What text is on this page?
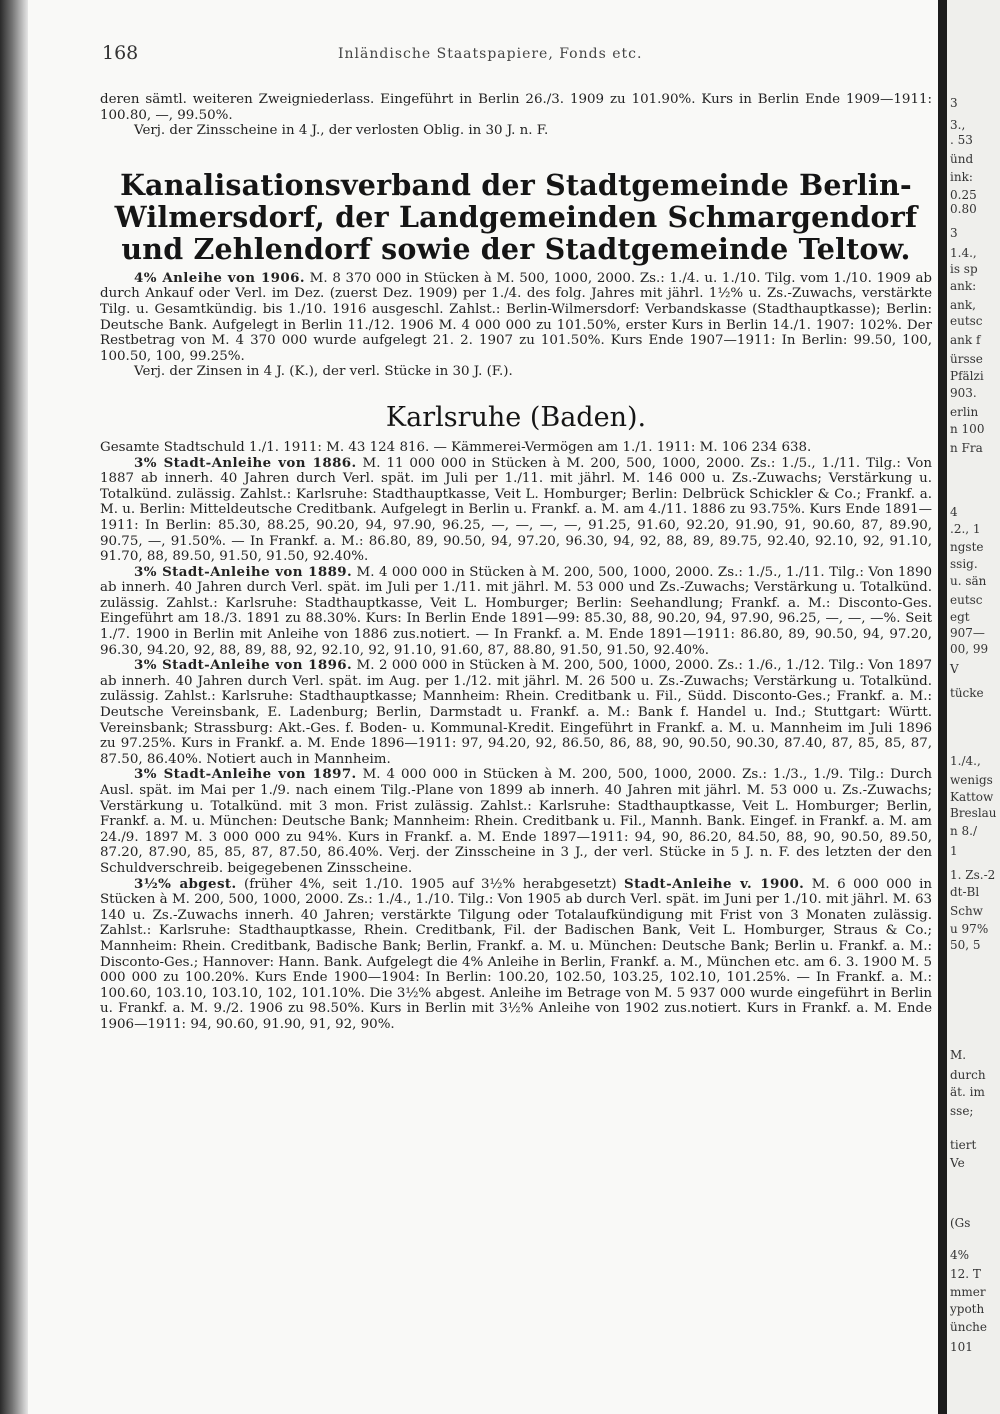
168	Inländische Staatspapiere, Fonds etc.

deren sämtl. weiteren Zweigniederlass. Eingeführt in Berlin 26./3. 1909 zu 101.90%. Kurs in Berlin Ende 1909—1911: 100.80, —, 99.50%.

Verj. der Zinsscheine in 4 J., der verlosten Oblig. in 30 J. n. F.

Kanalisationsverband der Stadtgemeinde Berlin-Wilmersdorf, der Landgemeinden Schmargendorf und Zehlendorf sowie der Stadtgemeinde Teltow.

4% Anleihe von 1906. M. 8 370 000 in Stücken à M. 500, 1000, 2000. Zs.: 1./4. u. 1./10. Tilg. vom 1./10. 1909 ab durch Ankauf oder Verl. im Dez. (zuerst Dez. 1909) per 1./4. des folg. Jahres mit jährl. 1½% u. Zs.-Zuwachs, verstärkte Tilg. u. Gesamtkündig. bis 1./10. 1916 ausgeschl. Zahlst.: Berlin-Wilmersdorf: Verbandskasse (Stadthauptkasse); Berlin: Deutsche Bank. Aufgelegt in Berlin 11./12. 1906 M. 4 000 000 zu 101.50%, erster Kurs in Berlin 14./1. 1907: 102%. Der Restbetrag von M. 4 370 000 wurde aufgelegt 21. 2. 1907 zu 101.50%. Kurs Ende 1907—1911: In Berlin: 99.50, 100, 100.50, 100, 99.25%.

Verj. der Zinsen in 4 J. (K.), der verl. Stücke in 30 J. (F.).

Karlsruhe (Baden).

Gesamte Stadtschuld 1./1. 1911: M. 43 124 816. — Kämmerei-Vermögen am 1./1. 1911: M. 106 234 638.

3% Stadt-Anleihe von 1886. M. 11 000 000 in Stücken à M. 200, 500, 1000, 2000. Zs.: 1./5., 1./11. Tilg.: Von 1887 ab innerh. 40 Jahren durch Verl. spät. im Juli per 1./11. mit jährl. M. 146 000 u. Zs.-Zuwachs; Verstärkung u. Totalkünd. zulässig. Zahlst.: Karlsruhe: Stadthauptkasse, Veit L. Homburger; Berlin: Delbrück Schickler & Co.; Frankf. a. M. u. Berlin: Mitteldeutsche Creditbank. Aufgelegt in Berlin u. Frankf. a. M. am 4./11. 1886 zu 93.75%. Kurs Ende 1891—1911: In Berlin: 85.30, 88.25, 90.20, 94, 97.90, 96.25, —, —, —, —, 91.25, 91.60, 92.20, 91.90, 91, 90.60, 87, 89.90, 90.75, —, 91.50%. — In Frankf. a. M.: 86.80, 89, 90.50, 94, 97.20, 96.30, 94, 92, 88, 89, 89.75, 92.40, 92.10, 92, 91.10, 91.70, 88, 89.50, 91.50, 91.50, 92.40%.

3% Stadt-Anleihe von 1889. M. 4 000 000 in Stücken à M. 200, 500, 1000, 2000. Zs.: 1./5., 1./11. Tilg.: Von 1890 ab innerh. 40 Jahren durch Verl. spät. im Juli per 1./11. mit jährl. M. 53 000 und Zs.-Zuwachs; Verstärkung u. Totalkünd. zulässig. Zahlst.: Karlsruhe: Stadthauptkasse, Veit L. Homburger; Berlin: Seehandlung; Frankf. a. M.: Disconto-Ges. Eingeführt am 18./3. 1891 zu 88.30%. Kurs: In Berlin Ende 1891—99: 85.30, 88, 90.20, 94, 97.90, 96.25, —, —, —%. Seit 1./7. 1900 in Berlin mit Anleihe von 1886 zus.notiert. — In Frankf. a. M. Ende 1891—1911: 86.80, 89, 90.50, 94, 97.20, 96.30, 94.20, 92, 88, 89, 88, 92, 92.10, 92, 91.10, 91.60, 87, 88.80, 91.50, 91.50, 92.40%.

3% Stadt-Anleihe von 1896. M. 2 000 000 in Stücken à M. 200, 500, 1000, 2000. Zs.: 1./6., 1./12. Tilg.: Von 1897 ab innerh. 40 Jahren durch Verl. spät. im Aug. per 1./12. mit jährl. M. 26 500 u. Zs.-Zuwachs; Verstärkung u. Totalkünd. zulässig. Zahlst.: Karlsruhe: Stadthauptkasse; Mannheim: Rhein. Creditbank u. Fil., Südd. Disconto-Ges.; Frankf. a. M.: Deutsche Vereinsbank, E. Ladenburg; Berlin, Darmstadt u. Frankf. a. M.: Bank f. Handel u. Ind.; Stuttgart: Württ. Vereinsbank; Strassburg: Akt.-Ges. f. Boden- u. Kommunal-Kredit. Eingeführt in Frankf. a. M. u. Mannheim im Juli 1896 zu 97.25%. Kurs in Frankf. a. M. Ende 1896—1911: 97, 94.20, 92, 86.50, 86, 88, 90, 90.50, 90.30, 87.40, 87, 85, 85, 87, 87.50, 86.40%. Notiert auch in Mannheim.

3% Stadt-Anleihe von 1897. M. 4 000 000 in Stücken à M. 200, 500, 1000, 2000. Zs.: 1./3., 1./9. Tilg.: Durch Ausl. spät. im Mai per 1./9. nach einem Tilg.-Plane von 1899 ab innerh. 40 Jahren mit jährl. M. 53 000 u. Zs.-Zuwachs; Verstärkung u. Totalkünd. mit 3 mon. Frist zulässig. Zahlst.: Karlsruhe: Stadthauptkasse, Veit L. Homburger; Berlin, Frankf. a. M. u. München: Deutsche Bank; Mannheim: Rhein. Creditbank u. Fil., Mannh. Bank. Eingef. in Frankf. a. M. am 24./9. 1897 M. 3 000 000 zu 94%. Kurs in Frankf. a. M. Ende 1897—1911: 94, 90, 86.20, 84.50, 88, 90, 90.50, 89.50, 87.20, 87.90, 85, 85, 87, 87.50, 86.40%. Verj. der Zinsscheine in 3 J., der verl. Stücke in 5 J. n. F. des letzten der den Schuldverschreib. beigegebenen Zinsscheine.

3½% abgest. (früher 4%, seit 1./10. 1905 auf 3½% herabgesetzt) Stadt-Anleihe v. 1900. M. 6 000 000 in Stücken à M. 200, 500, 1000, 2000. Zs.: 1./4., 1./10. Tilg.: Von 1905 ab durch Verl. spät. im Juni per 1./10. mit jährl. M. 63 140 u. Zs.-Zuwachs innerh. 40 Jahren; verstärkte Tilgung oder Totalaufkündigung mit Frist von 3 Monaten zulässig. Zahlst.: Karlsruhe: Stadthauptkasse, Rhein. Creditbank, Fil. der Badischen Bank, Veit L. Homburger, Straus & Co.; Mannheim: Rhein. Creditbank, Badische Bank; Berlin, Frankf. a. M. u. München: Deutsche Bank; Berlin u. Frankf. a. M.: Disconto-Ges.; Hannover: Hann. Bank. Aufgelegt die 4% Anleihe in Berlin, Frankf. a. M., München etc. am 6. 3. 1900 M. 5 000 000 zu 100.20%. Kurs Ende 1900—1904: In Berlin: 100.20, 102.50, 103.25, 102.10, 101.25%. — In Frankf. a. M.: 100.60, 103.10, 103.10, 102, 101.10%. Die 3½% abgest. Anleihe im Betrage von M. 5 937 000 wurde eingeführt in Berlin u. Frankf. a. M. 9./2. 1906 zu 98.50%. Kurs in Berlin mit 3½% Anleihe von 1902 zus.notiert. Kurs in Frankf. a. M. Ende 1906—1911: 94, 90.60, 91.90, 91, 92, 90%.

3
3.,
. 53
ünd
ink:
0.25
0.80
3
1.4.,
is sp
ank:
ank,
eutsc
ank f
ürsse
Pfälzi
903.
erlin
n 100
n Fra
4
.2., 1
ngste
ssig.
u. sän
eutsc
egt
907—
00, 99
V
tücke
1./4.,
wenigs
Kattow
Breslau
n 8./
1
1. Zs.-2
dt-Bl
Schw
u 97%
50, 5
M.
durch
ät. im
sse;
tiert
Ve
(Gs
4%
12. T
mmer
ypoth
ünche
101
